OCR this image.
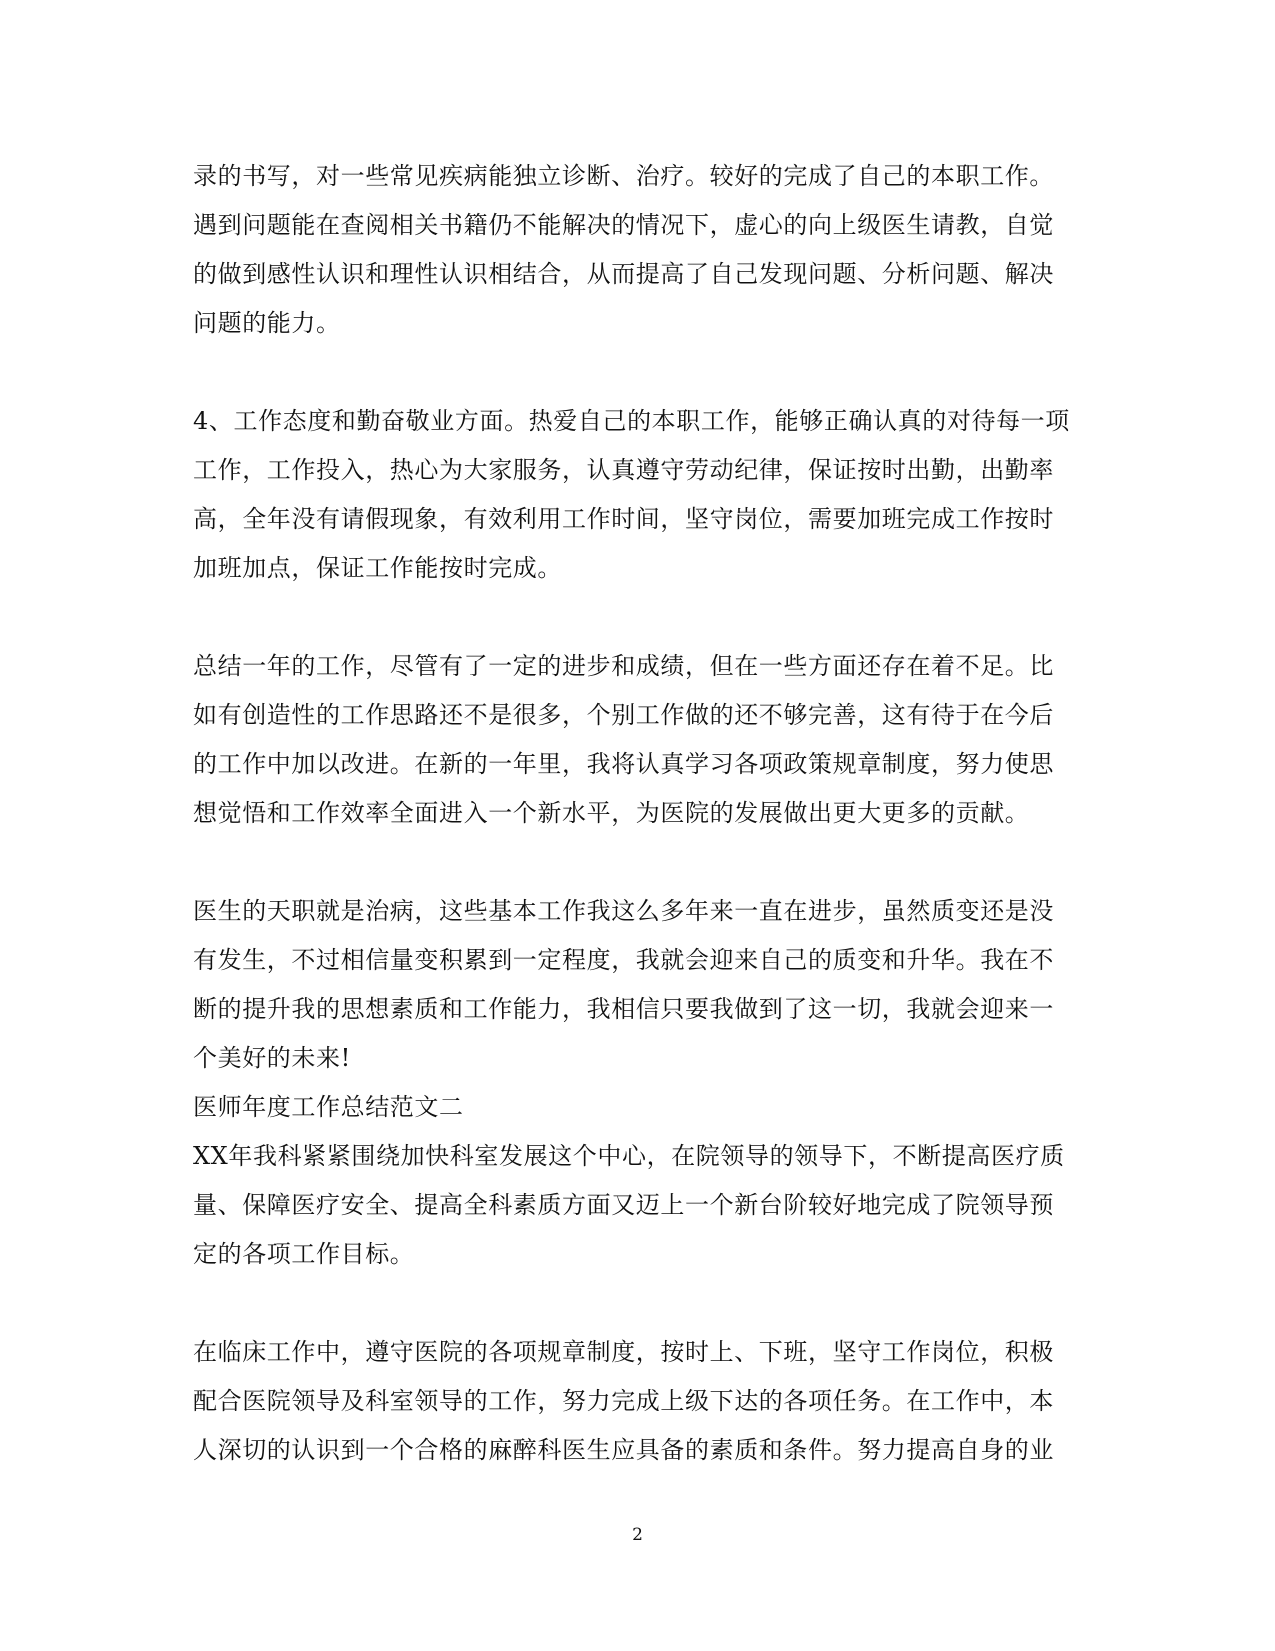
录的书写，对一些常见疾病能独立诊断、治疗。较好的完成了自己的本职工作。
遇到问题能在查阅相关书籍仍不能解决的情况下，虚心的向上级医生请教，自觉
的做到感性认识和理性认识相结合，从而提高了自己发现问题、分析问题、解决
问题的能力。
4、工作态度和勤奋敬业方面。热爱自己的本职工作，能够正确认真的对待每一项
工作，工作投入，热心为大家服务，认真遵守劳动纪律，保证按时出勤，出勤率
高，全年没有请假现象，有效利用工作时间，坚守岗位，需要加班完成工作按时
加班加点，保证工作能按时完成。
总结一年的工作，尽管有了一定的进步和成绩，但在一些方面还存在着不足。比
如有创造性的工作思路还不是很多，个别工作做的还不够完善，这有待于在今后
的工作中加以改进。在新的一年里，我将认真学习各项政策规章制度，努力使思
想觉悟和工作效率全面进入一个新水平，为医院的发展做出更大更多的贡献。
医生的天职就是治病，这些基本工作我这么多年来一直在进步，虽然质变还是没
有发生，不过相信量变积累到一定程度，我就会迎来自己的质变和升华。我在不
断的提升我的思想素质和工作能力，我相信只要我做到了这一切，我就会迎来一
个美好的未来!
医师年度工作总结范文二
XX年我科紧紧围绕加快科室发展这个中心，在院领导的领导下，不断提高医疗质
量、保障医疗安全、提高全科素质方面又迈上一个新台阶较好地完成了院领导预
定的各项工作目标。
在临床工作中，遵守医院的各项规章制度，按时上、下班，坚守工作岗位，积极
配合医院领导及科室领导的工作，努力完成上级下达的各项任务。在工作中，本
人深切的认识到一个合格的麻醉科医生应具备的素质和条件。努力提高自身的业
2
